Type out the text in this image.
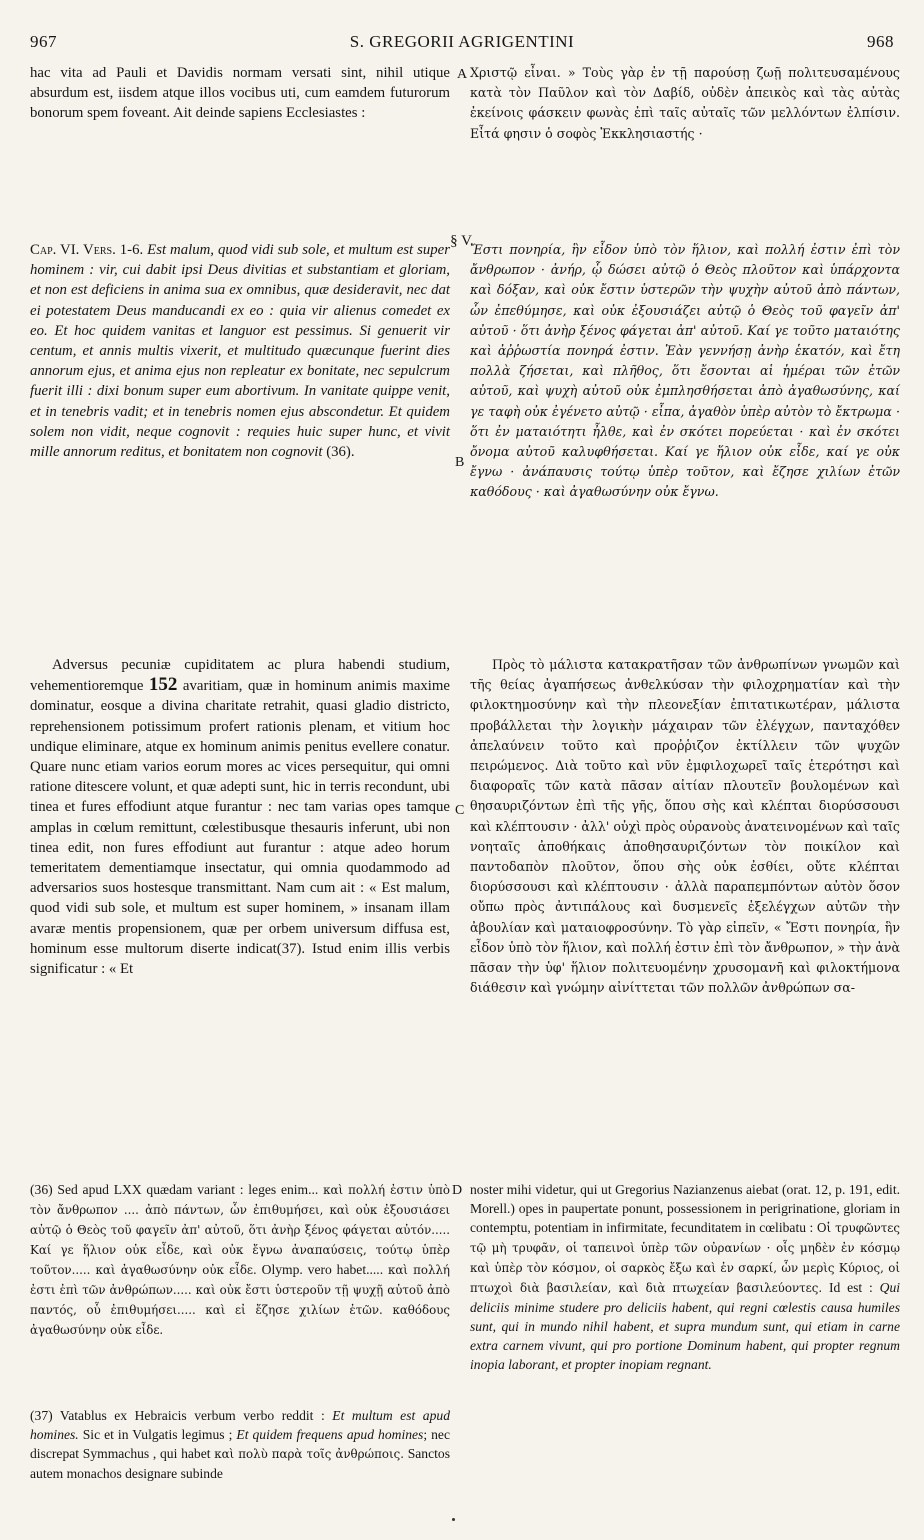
967	S. GREGORII AGRIGENTINI	968
A
B
C
D

hac vita ad Pauli et Davidis normam versati sint, nihil utique absurdum est, iisdem atque illos vocibus uti, cum eamdem futurorum bonorum spem foveant. Ait deinde sapiens Ecclesiastes :

Χριστῷ εἶναι. » Τοὺς γὰρ ἐν τῇ παρούσῃ ζωῇ πολιτευσαμένους κατὰ τὸν Παῦλον καὶ τὸν Δαβίδ, οὐδὲν ἀπεικὸς καὶ τὰς αὐτὰς ἐκείνοις φάσκειν φωνὰς ἐπὶ ταῖς αὐταῖς τῶν μελλόντων ἐλπίσιν. Εἶτά φησιν ὁ σοφὸς Ἐκκλησιαστής ·

§ V.

Cap. VI. Vers. 1-6. Est malum, quod vidi sub sole, et multum est super hominem : vir, cui dabit ipsi Deus divitias et substantiam et gloriam, et non est deficiens in anima sua ex omnibus, quæ desideravit, nec dat ei potestatem Deus manducandi ex eo : quia vir alienus comedet ex eo. Et hoc quidem vanitas et languor est pessimus. Si genuerit vir centum, et annis multis vixerit, et multitudo quæcunque fuerint dies annorum ejus, et anima ejus non repleatur ex bonitate, nec sepulcrum fuerit illi : dixi bonum super eum abortivum. In vanitate quippe venit, et in tenebris vadit; et in tenebris nomen ejus abscondetur. Et quidem solem non vidit, neque cognovit : requies huic super hunc, et vivit mille annorum reditus, et bonitatem non cognovit (36).

Ἔστι πονηρία, ἣν εἶδον ὑπὸ τὸν ἥλιον, καὶ πολλή ἐστιν ἐπὶ τὸν ἄνθρωπον · ἀνήρ, ᾧ δώσει αὐτῷ ὁ Θεὸς πλοῦτον καὶ ὑπάρχοντα καὶ δόξαν, καὶ οὐκ ἔστιν ὑστερῶν τὴν ψυχὴν αὐτοῦ ἀπὸ πάντων, ὧν ἐπεθύμησε, καὶ οὐκ ἐξουσιάζει αὐτῷ ὁ Θεὸς τοῦ φαγεῖν ἀπ' αὐτοῦ · ὅτι ἀνὴρ ξένος φάγεται ἀπ' αὐτοῦ. Καί γε τοῦτο ματαιότης καὶ ἀῤῥωστία πονηρά ἐστιν. Ἐὰν γεννήσῃ ἀνὴρ ἑκατόν, καὶ ἔτη πολλὰ ζήσεται, καὶ πλῆθος, ὅτι ἔσονται αἱ ἡμέραι τῶν ἐτῶν αὐτοῦ, καὶ ψυχὴ αὐτοῦ οὐκ ἐμπλησθήσεται ἀπὸ ἀγαθωσύνης, καί γε ταφὴ οὐκ ἐγένετο αὐτῷ · εἶπα, ἀγαθὸν ὑπὲρ αὐτὸν τὸ ἔκτρωμα · ὅτι ἐν ματαιότητι ἦλθε, καὶ ἐν σκότει πορεύεται · καὶ ἐν σκότει ὄνομα αὐτοῦ καλυφθήσεται. Καί γε ἥλιον οὐκ εἶδε, καί γε οὐκ ἔγνω · ἀνάπαυσις τούτῳ ὑπὲρ τοῦτον, καὶ ἔζησε χιλίων ἐτῶν καθόδους · καὶ ἀγαθωσύνην οὐκ ἔγνω.

Adversus pecuniæ cupiditatem ac plura habendi studium, vehementioremque 152 avaritiam, quæ in hominum animis maxime dominatur, eosque a divina charitate retrahit, quasi gladio districto, reprehensionem potissimum profert rationis plenam, et vitium hoc undique eliminare, atque ex hominum animis penitus evellere conatur. Quare nunc etiam varios eorum mores ac vices persequitur, qui omni ratione ditescere volunt, et quæ adepti sunt, hic in terris recondunt, ubi tinea et fures effodiunt atque furantur : nec tam varias opes tamque amplas in cœlum remittunt, cœlestibusque thesauris inferunt, ubi non tinea edit, non fures effodiunt aut furantur : atque adeo horum temeritatem dementiamque insectatur, qui omnia quodammodo ad adversarios suos hostesque transmittant. Nam cum ait : « Est malum, quod vidi sub sole, et multum est super hominem, » insanam illam avaræ mentis propensionem, quæ per orbem universum diffusa est, hominum esse multorum diserte indicat(37). Istud enim illis verbis significatur : « Et

Πρὸς τὸ μάλιστα κατακρατῆσαν τῶν ἀνθρωπίνων γνωμῶν καὶ τῆς θείας ἀγαπήσεως ἀνθελκύσαν τὴν φιλοχρηματίαν καὶ τὴν φιλοκτημοσύνην καὶ τὴν πλεονεξίαν ἐπιτατικωτέραν, μάλιστα προβάλλεται τὴν λογικὴν μάχαιραν τῶν ἐλέγχων, πανταχόθεν ἀπελαύνειν τοῦτο καὶ προῤῥιζον ἐκτίλλειν τῶν ψυχῶν πειρώμενος. Διὰ τοῦτο καὶ νῦν ἐμφιλοχωρεῖ ταῖς ἑτερότησι καὶ διαφοραῖς τῶν κατὰ πᾶσαν αἰτίαν πλουτεῖν βουλομένων καὶ θησαυριζόντων ἐπὶ τῆς γῆς, ὅπου σὴς καὶ κλέπται διορύσσουσι καὶ κλέπτουσιν · ἀλλ' οὐχὶ πρὸς οὐρανοὺς ἀνατεινομένων καὶ ταῖς νοηταῖς ἀποθήκαις ἀποθησαυριζόντων τὸν ποικίλον καὶ παντοδαπὸν πλοῦτον, ὅπου σὴς οὐκ ἐσθίει, οὔτε κλέπται διορύσσουσι καὶ κλέπτουσιν · ἀλλὰ παραπεμπόντων αὐτὸν ὅσον οὔπω πρὸς ἀντιπάλους καὶ δυσμενεῖς ἐξελέγχων αὐτῶν τὴν ἀβουλίαν καὶ ματαιοφροσύνην. Τὸ γὰρ εἰπεῖν, « Ἔστι πονηρία, ἣν εἶδον ὑπὸ τὸν ἥλιον, καὶ πολλή ἐστιν ἐπὶ τὸν ἄνθρωπον, » τὴν ἀνὰ πᾶσαν τὴν ὑφ' ἥλιον πολιτευομένην χρυσομανῆ καὶ φιλοκτήμονα διάθεσιν καὶ γνώμην αἰνίττεται τῶν πολλῶν ἀνθρώπων σα-

(36) Sed apud LXX quædam variant : leges enim... καὶ πολλή ἐστιν ὑπὸ τὸν ἄνθρωπον .... ἀπὸ πάντων, ὧν ἐπιθυμήσει, καὶ οὐκ ἐξουσιάσει αὐτῷ ὁ Θεὸς τοῦ φαγεῖν ἀπ' αὐτοῦ, ὅτι ἀνὴρ ξένος φάγεται αὐτόν..... Καί γε ἥλιον οὐκ εἶδε, καὶ οὐκ ἔγνω ἀναπαύσεις, τούτῳ ὑπὲρ τοῦτον..... καὶ ἀγαθωσύνην οὐκ εἶδε. Olymp. vero habet..... καὶ πολλή ἐστι ἐπὶ τῶν ἀνθρώπων..... καὶ οὐκ ἔστι ὑστεροῦν τῇ ψυχῇ αὐτοῦ ἀπὸ παντός, οὗ ἐπιθυμήσει..... καὶ εἰ ἔζησε χιλίων ἐτῶν. καθόδους ἀγαθωσύνην οὐκ εἶδε.
(37) Vatablus ex Hebraicis verbum verbo reddit : Et multum est apud homines. Sic et in Vulgatis legimus ; Et quidem frequens apud homines; nec discrepat Symmachus , qui habet καὶ πολὺ παρὰ τοῖς ἀνθρώποις. Sanctos autem monachos designare subinde
noster mihi videtur, qui ut Gregorius Nazianzenus aiebat (orat. 12, p. 191, edit. Morell.) opes in paupertate ponunt, possessionem in perigrinatione, gloriam in contemptu, potentiam in infirmitate, fecunditatem in cœlibatu : Οἱ τρυφῶντες τῷ μὴ τρυφᾶν, οἱ ταπεινοὶ ὑπὲρ τῶν οὐρανίων · οἷς μηδὲν ἐν κόσμῳ καὶ ὑπὲρ τὸν κόσμον, οἱ σαρκὸς ἔξω καὶ ἐν σαρκί, ὧν μερὶς Κύριος, οἱ πτωχοὶ διὰ βασιλείαν, καὶ διὰ πτωχείαν βασιλεύοντες. Id est : Qui deliciis minime studere pro deliciis habent, qui regni cœlestis causa humiles sunt, qui in mundo nihil habent, et supra mundum sunt, qui etiam in carne extra carnem vivunt, qui pro portione Dominum habent, qui propter regnum inopia laborant, et propter inopiam regnant.
